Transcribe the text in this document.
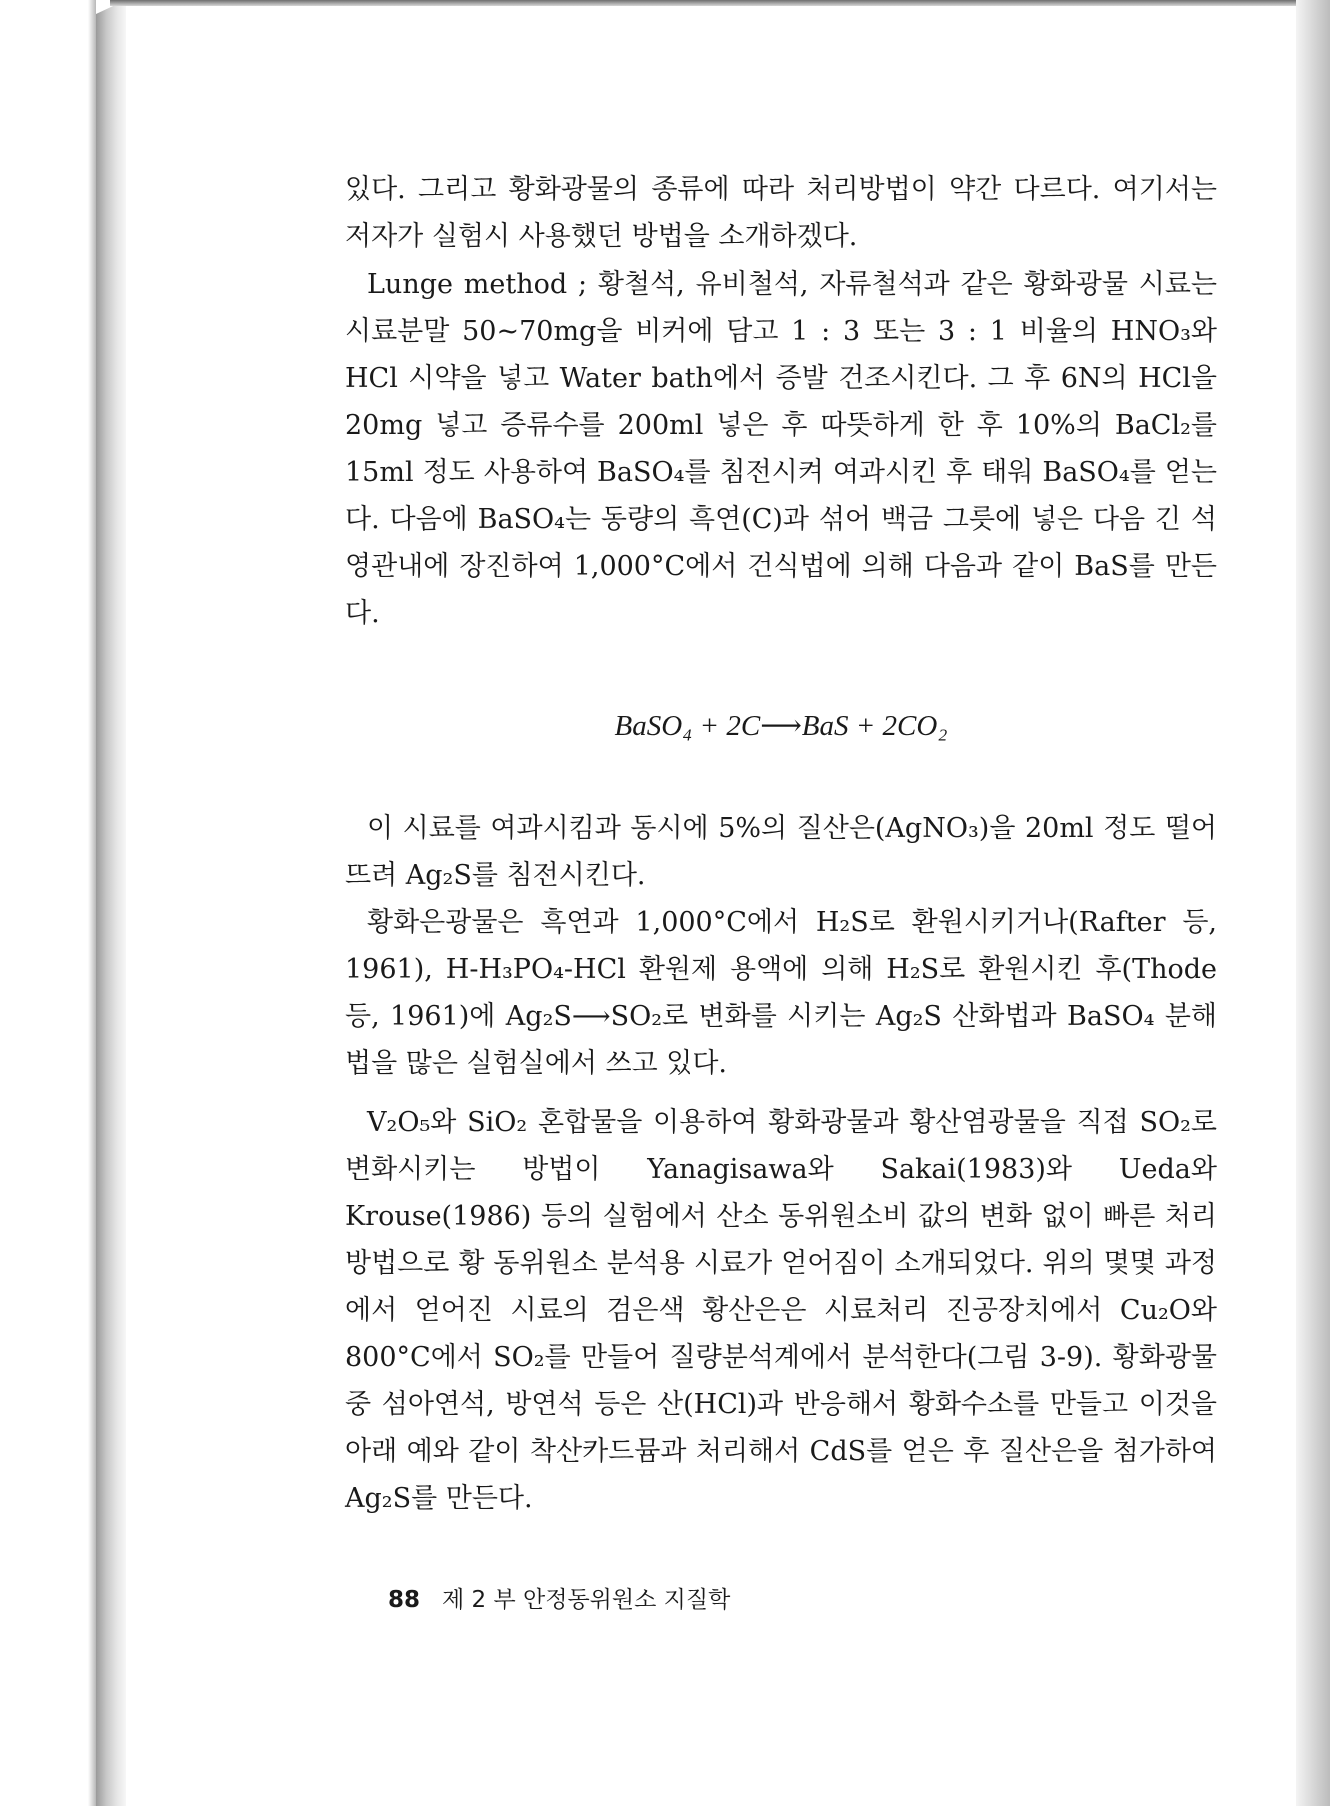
있다. 그리고 황화광물의 종류에 따라 처리방법이 약간 다르다. 여기서는 저자가 실험시 사용했던 방법을 소개하겠다.

Lunge method ; 황철석, 유비철석, 자류철석과 같은 황화광물 시료는 시료분말 50~70mg을 비커에 담고 1 : 3 또는 3 : 1 비율의 HNO₃와 HCl 시약을 넣고 Water bath에서 증발 건조시킨다. 그 후 6N의 HCl을 20mg 넣고 증류수를 200ml 넣은 후 따뜻하게 한 후 10%의 BaCl₂를 15ml 정도 사용하여 BaSO₄를 침전시켜 여과시킨 후 태워 BaSO₄를 얻는다. 다음에 BaSO₄는 동량의 흑연(C)과 섞어 백금 그릇에 넣은 다음 긴 석영관내에 장진하여 1,000°C에서 건식법에 의해 다음과 같이 BaS를 만든다.

BaSO₄ + 2C⟶BaS + 2CO₂

이 시료를 여과시킴과 동시에 5%의 질산은(AgNO₃)을 20ml 정도 떨어뜨려 Ag₂S를 침전시킨다.

황화은광물은 흑연과 1,000°C에서 H₂S로 환원시키거나(Rafter 등, 1961), H-H₃PO₄-HCl 환원제 용액에 의해 H₂S로 환원시킨 후(Thode 등, 1961)에 Ag₂S⟶SO₂로 변화를 시키는 Ag₂S 산화법과 BaSO₄ 분해법을 많은 실험실에서 쓰고 있다.

V₂O₅와 SiO₂ 혼합물을 이용하여 황화광물과 황산염광물을 직접 SO₂로 변화시키는 방법이 Yanagisawa와 Sakai(1983)와 Ueda와 Krouse(1986) 등의 실험에서 산소 동위원소비 값의 변화 없이 빠른 처리방법으로 황 동위원소 분석용 시료가 얻어짐이 소개되었다. 위의 몇몇 과정에서 얻어진 시료의 검은색 황산은은 시료처리 진공장치에서 Cu₂O와 800°C에서 SO₂를 만들어 질량분석계에서 분석한다(그림 3-9). 황화광물 중 섬아연석, 방연석 등은 산(HCl)과 반응해서 황화수소를 만들고 이것을 아래 예와 같이 착산카드뮴과 처리해서 CdS를 얻은 후 질산은을 첨가하여 Ag₂S를 만든다.

88 제 2 부 안정동위원소 지질학
